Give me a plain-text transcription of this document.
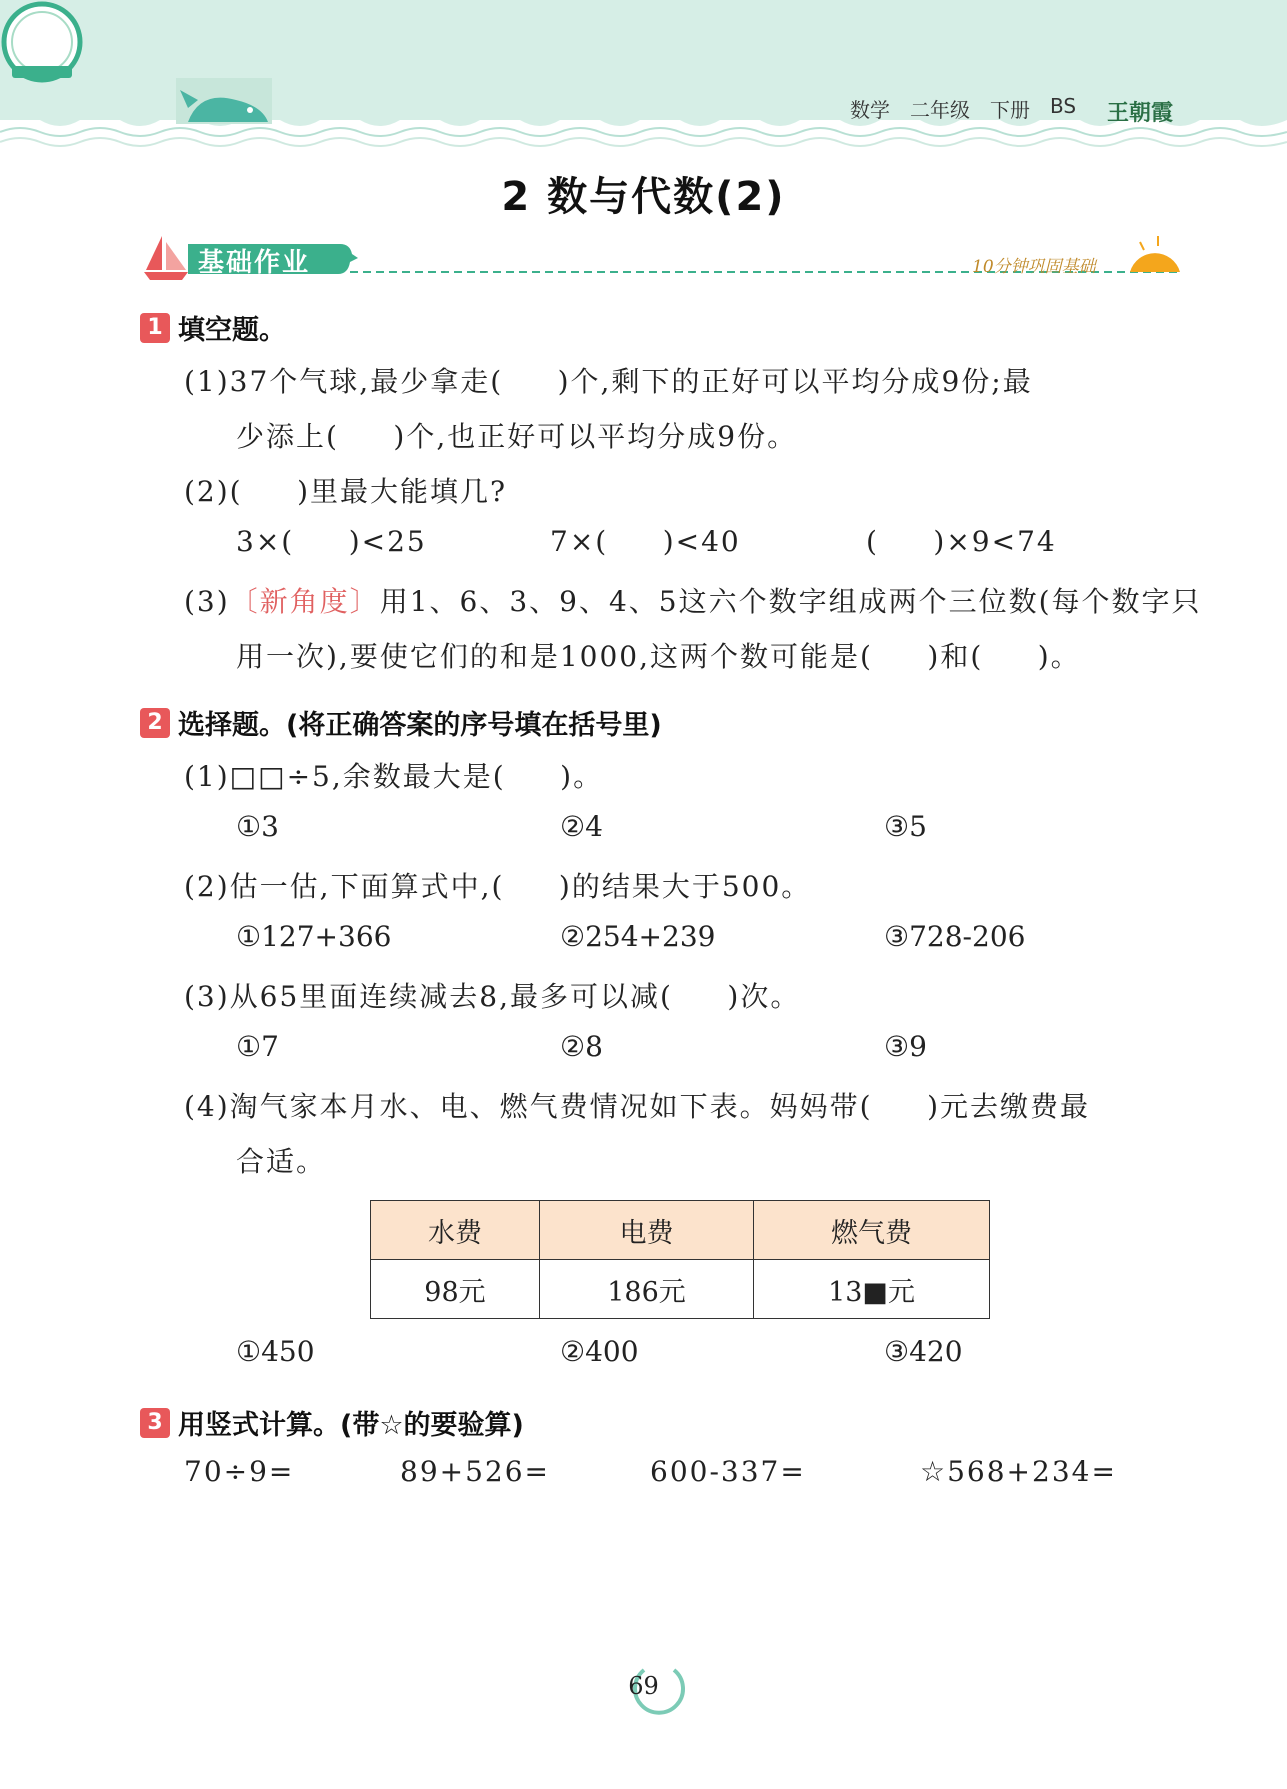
数学 二年级 下册 BS 王朝霞
2 数与代数(2)
基础作业	10分钟巩固基础
1 填空题。
(1)37个气球,最少拿走(     )个,剩下的正好可以平均分成9份;最
少添上(     )个,也正好可以平均分成9份。
(2)(     )里最大能填几?
3×(     )<25	7×(     )<40	(     )×9<74
(3)〔新角度〕用1、6、3、9、4、5这六个数字组成两个三位数(每个数字只
用一次),要使它们的和是1000,这两个数可能是(     )和(     )。
2 选择题。(将正确答案的序号填在括号里)
(1)□□÷5,余数最大是(     )。
①3	②4	③5
(2)估一估,下面算式中,(     )的结果大于500。
①127+366	②254+239	③728-206
(3)从65里面连续减去8,最多可以减(     )次。
①7	②8	③9
(4)淘气家本月水、电、燃气费情况如下表。妈妈带(     )元去缴费最
合适。
水费	电费	燃气费
98元	186元	13■元
①450	②400	③420
3 用竖式计算。(带☆的要验算)
70÷9=	89+526=	600-337=	☆568+234=
69
